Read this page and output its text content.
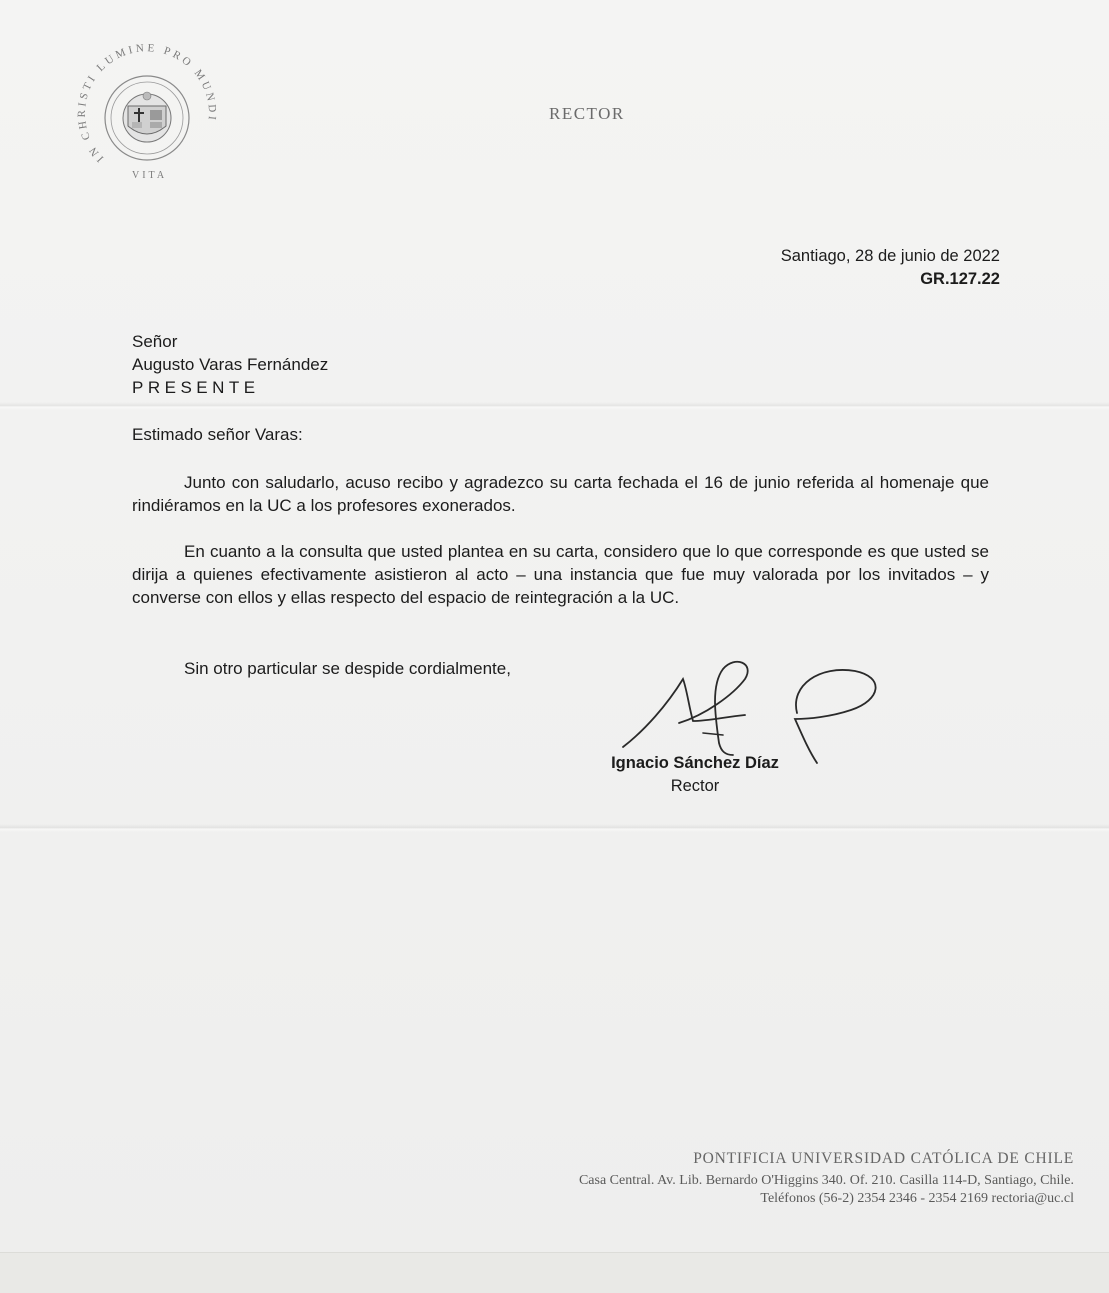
IN CHRISTI LUMINE PRO MUNDI
VITA
RECTOR
Santiago, 28 de junio de 2022
GR.127.22
Señor
Augusto Varas Fernández
PRESENTE
Estimado señor Varas:

Junto con saludarlo, acuso recibo y agradezco su carta fechada el 16 de junio referida al homenaje que rindiéramos en la UC a los profesores exonerados.

En cuanto a la consulta que usted plantea en su carta, considero que lo que corresponde es que usted se dirija a quienes efectivamente asistieron al acto – una instancia que fue muy valorada por los invitados – y converse con ellos y ellas respecto del espacio de reintegración a la UC.

Sin otro particular se despide cordialmente,

Ignacio Sánchez Díaz
Rector
PONTIFICIA UNIVERSIDAD CATÓLICA DE CHILE
Casa Central. Av. Lib. Bernardo O'Higgins 340. Of. 210. Casilla 114-D, Santiago, Chile.
Teléfonos (56-2) 2354 2346 - 2354 2169 rectoria@uc.cl
